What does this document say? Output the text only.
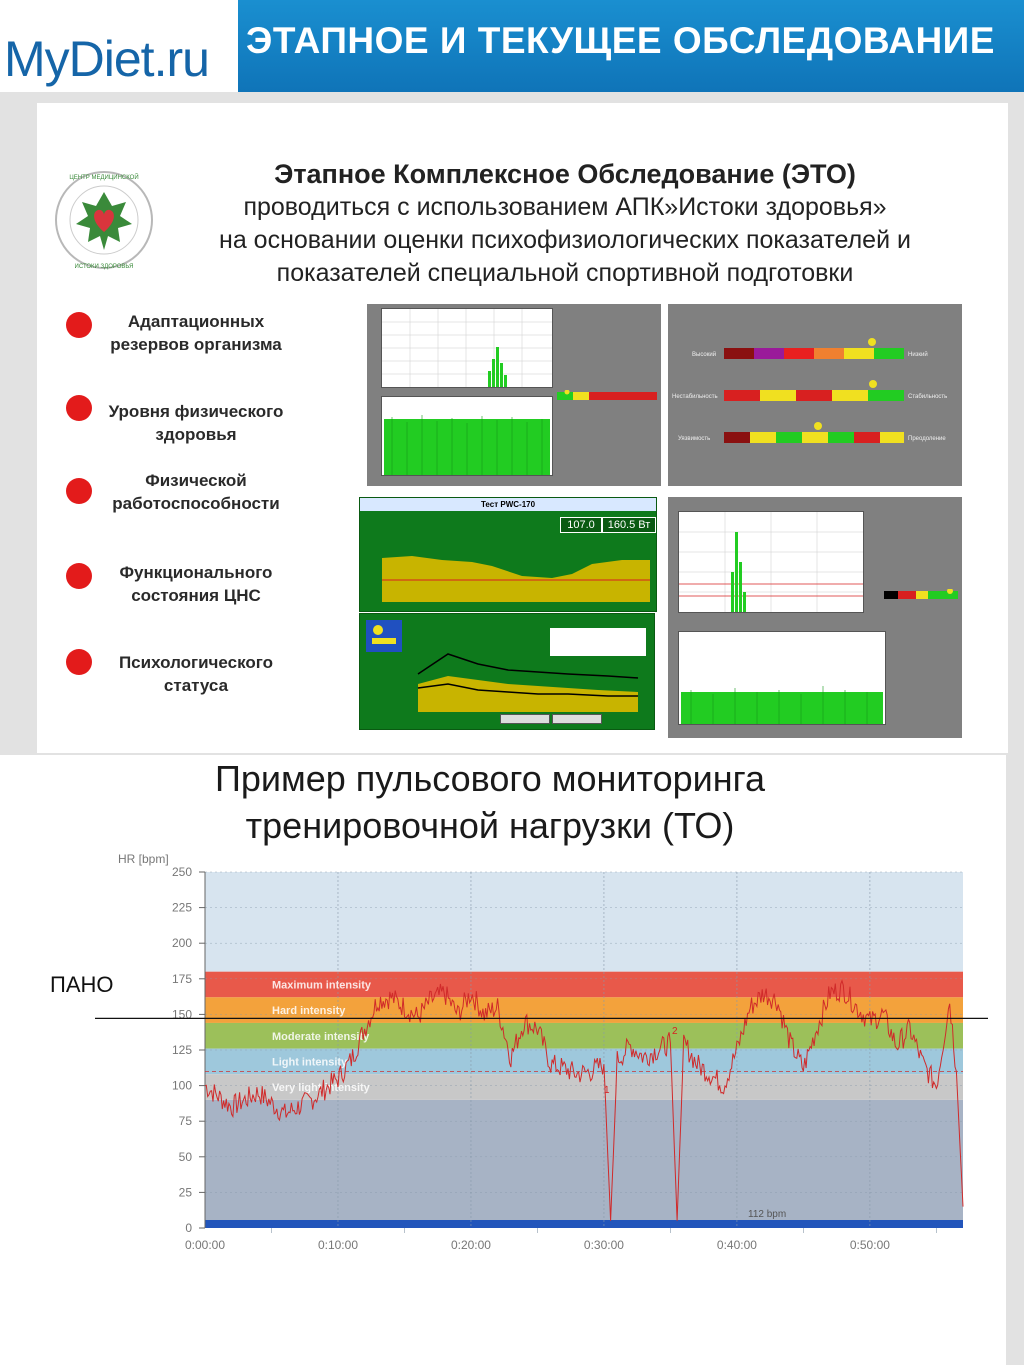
MyDiet.ru ЭТАПНОЕ И ТЕКУЩЕЕ ОБСЛЕДОВАНИЕ
ЦЕНТР МЕДИЦИНСКОЙ
ИСТОКИ ЗДОРОВЬЯ
Этапное Комплексное Обследование (ЭТО)
проводиться с использованием АПК»Истоки здоровья»
на основании оценки психофизиологических показателей и
показателей специальной спортивной подготовки
Адаптационных
резервов организма
Уровня физического
здоровья
Физической
работоспособности
Функционального
состояния ЦНС
Психологического
статуса
Высокий	Низкий
Нестабильность	Стабильность
Уязвимость	Преодоление
Тест PWC-170
107.0	160.5 Вт
Пример пульсового мониторинга
тренировочной нагрузки (ТО)
HR [bpm]
ПАНО	Maximum intensity
Hard intensity
Moderate intensity
Light intensity
Very light intensity
250
225
200
175
150
125
100
75
50
25
0
0:00:00	0:10:00	0:20:00	0:30:00	0:40:00	0:50:00
112 bpm
2
1
